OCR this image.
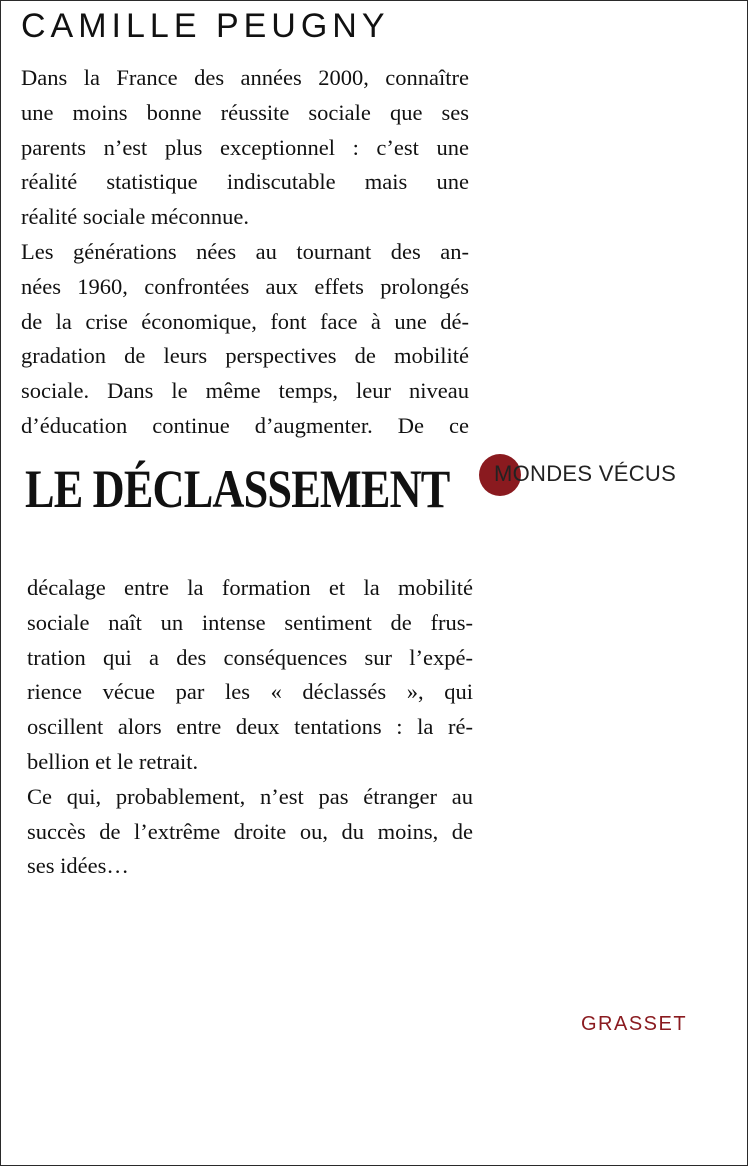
CAMILLE PEUGNY
Dans la France des années 2000, connaître
une moins bonne réussite sociale que ses
parents n’est plus exceptionnel : c’est une
réalité statistique indiscutable mais une
réalité sociale méconnue.
Les générations nées au tournant des an-
nées 1960, confrontées aux effets prolongés
de la crise économique, font face à une dé-
gradation de leurs perspectives de mobilité
sociale. Dans le même temps, leur niveau
d’éducation continue d’augmenter. De ce
LE DÉCLASSEMENT MONDES VÉCUS
décalage entre la formation et la mobilité
sociale naît un intense sentiment de frus-
tration qui a des conséquences sur l’expé-
rience vécue par les « déclassés », qui
oscillent alors entre deux tentations : la ré-
bellion et le retrait.
Ce qui, probablement, n’est pas étranger au
succès de l’extrême droite ou, du moins, de
ses idées…
GRASSET
